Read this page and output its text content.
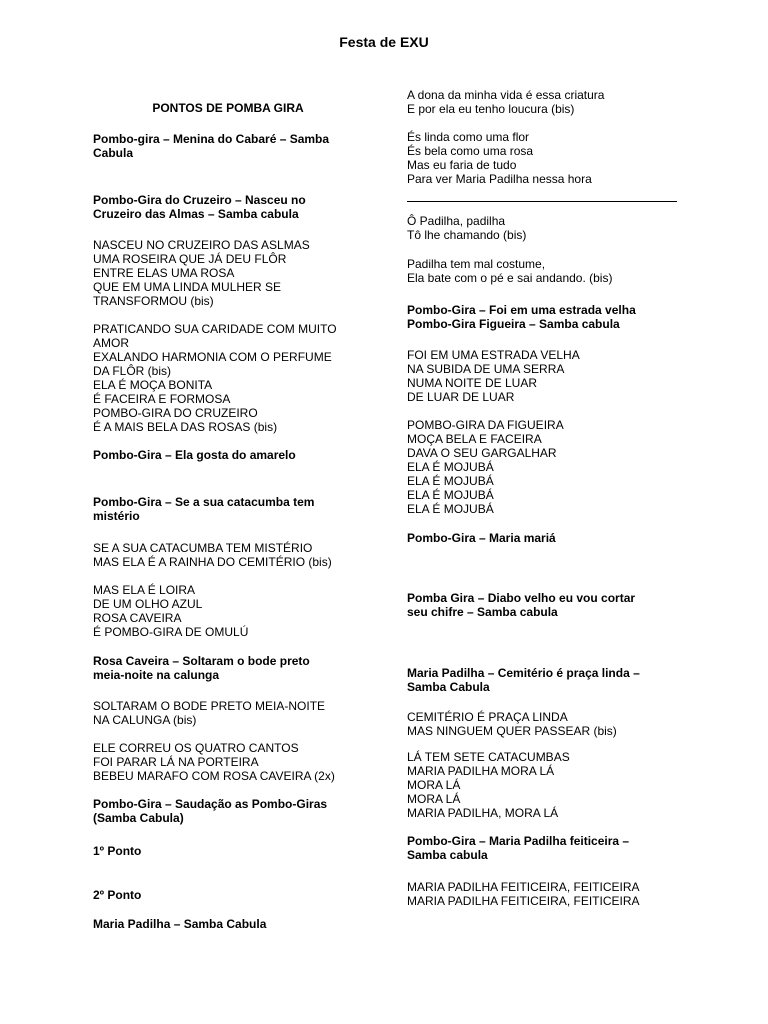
Festa de EXU
PONTOS DE POMBA GIRA
Pombo-gira – Menina do Cabaré – Samba
Cabula
Pombo-Gira do Cruzeiro – Nasceu no
Cruzeiro das Almas – Samba cabula
NASCEU NO CRUZEIRO DAS ASLMAS
UMA ROSEIRA QUE JÁ DEU FLÔR
ENTRE ELAS UMA ROSA
QUE EM UMA LINDA MULHER SE
TRANSFORMOU (bis)
PRATICANDO SUA CARIDADE COM MUITO
AMOR
EXALANDO HARMONIA COM O PERFUME
DA FLÔR (bis)
ELA É MOÇA BONITA
É FACEIRA E FORMOSA
POMBO-GIRA DO CRUZEIRO
É A MAIS BELA DAS ROSAS (bis)
Pombo-Gira – Ela gosta do amarelo
Pombo-Gira – Se a sua catacumba tem
mistério
SE A SUA CATACUMBA TEM MISTÉRIO
MAS ELA É A RAINHA DO CEMITÉRIO (bis)
MAS ELA É LOIRA
DE UM OLHO AZUL
ROSA CAVEIRA
É POMBO-GIRA DE OMULÚ
Rosa Caveira – Soltaram o bode preto
meia-noite na calunga
SOLTARAM O BODE PRETO MEIA-NOITE
NA CALUNGA (bis)
ELE CORREU OS QUATRO CANTOS
FOI PARAR LÁ NA PORTEIRA
BEBEU MARAFO COM ROSA CAVEIRA (2x)
Pombo-Gira – Saudação as Pombo-Giras
(Samba Cabula)
1º Ponto
2º Ponto
Maria Padilha – Samba Cabula
A dona da minha vida é essa criatura
E por ela eu tenho loucura (bis)
És linda como uma flor
És bela como uma rosa
Mas eu faria de tudo
Para ver Maria Padilha nessa hora
Ô Padilha, padilha
Tô lhe chamando (bis)
Padilha tem mal costume,
Ela bate com o pé e sai andando. (bis)
Pombo-Gira – Foi em uma estrada velha
Pombo-Gira Figueira – Samba cabula
FOI EM UMA ESTRADA VELHA
NA SUBIDA DE UMA SERRA
NUMA NOITE DE LUAR
DE LUAR DE LUAR
POMBO-GIRA DA FIGUEIRA
MOÇA BELA E FACEIRA
DAVA O SEU GARGALHAR
ELA É MOJUBÁ
ELA É MOJUBÁ
ELA É MOJUBÁ
ELA É MOJUBÁ
Pombo-Gira – Maria mariá
Pomba Gira – Diabo velho eu vou cortar
seu chifre – Samba cabula
Maria Padilha – Cemitério é praça linda –
Samba Cabula
CEMITÉRIO É PRAÇA LINDA
MAS NINGUEM QUER PASSEAR (bis)
LÁ TEM SETE CATACUMBAS
MARIA PADILHA MORA LÁ
MORA LÁ
MORA LÁ
MARIA PADILHA, MORA LÁ
Pombo-Gira – Maria Padilha feiticeira –
Samba cabula
MARIA PADILHA FEITICEIRA, FEITICEIRA
MARIA PADILHA FEITICEIRA, FEITICEIRA
